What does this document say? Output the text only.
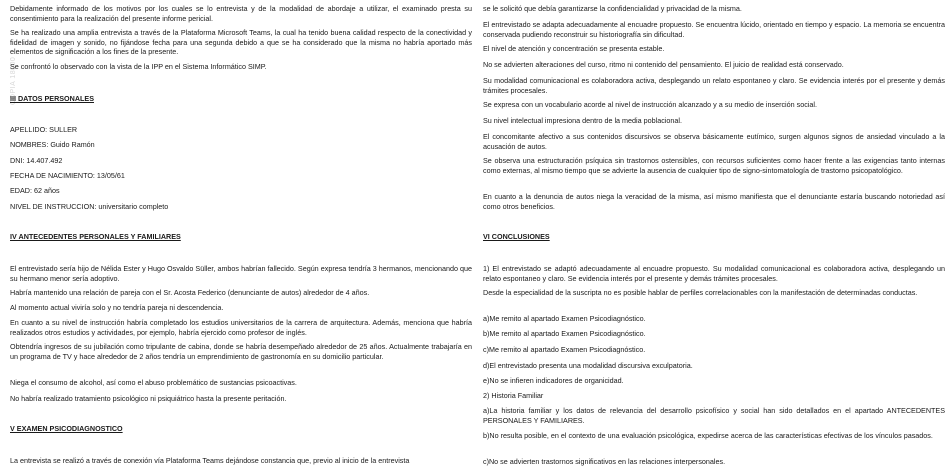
COPIA 18000

Debidamente informado de los motivos por los cuales se lo entrevista y de la modalidad de abordaje a utilizar, el examinado presta su consentimiento para la realización del presente informe pericial.

Se ha realizado una amplia entrevista a través de la Plataforma Microsoft Teams, la cual ha tenido buena calidad respecto de la conectividad y fidelidad de imagen y sonido, no fijándose fecha para una segunda debido a que se ha considerado que la misma no habría aportado más elementos de significación a los fines de la presente.

Se confrontó lo observado con la vista de la IPP en el Sistema Informático SIMP.

III DATOS PERSONALES

APELLIDO: SULLER

NOMBRES: Guido Ramón

DNI: 14.407.492

FECHA DE NACIMIENTO: 13/05/61

EDAD: 62 años

NIVEL DE INSTRUCCION: universitario completo

IV ANTECEDENTES PERSONALES Y FAMILIARES

El entrevistado sería hijo de Nélida Ester y Hugo Osvaldo Süller, ambos habrían fallecido. Según expresa tendría 3 hermanos, mencionando que su hermano menor sería adoptivo.

Habría mantenido una relación de pareja con el Sr. Acosta Federico (denunciante de autos) alrededor de 4 años.

Al momento actual viviría solo y no tendría pareja ni descendencia.

En cuanto a su nivel de instrucción habría completado los estudios universitarios de la carrera de arquitectura. Además, menciona que habría realizados otros estudios y actividades, por ejemplo, habría ejercido como profesor de inglés.

Obtendría ingresos de su jubilación como tripulante de cabina, donde se habría desempeñado alrededor de 25 años. Actualmente trabajaría en un programa de TV y hace alrededor de 2 años tendría un emprendimiento de gastronomía en su domicilio particular.

Niega el consumo de alcohol, así como el abuso problemático de sustancias psicoactivas.

No habría realizado tratamiento psicológico ni psiquiátrico hasta la presente peritación.

V EXAMEN PSICODIAGNOSTICO

La entrevista se realizó a través de conexión vía Plataforma Teams dejándose constancia que, previo al inicio de la entrevista

se le solicitó que debía garantizarse la confidencialidad y privacidad de la misma.

El entrevistado se adapta adecuadamente al encuadre propuesto. Se encuentra lúcido, orientado en tiempo y espacio. La memoria se encuentra conservada pudiendo reconstruir su historiografía sin dificultad.

El nivel de atención y concentración se presenta estable.

No se advierten alteraciones del curso, ritmo ni contenido del pensamiento. El juicio de realidad está conservado.

Su modalidad comunicacional es colaboradora activa, desplegando un relato espontaneo y claro. Se evidencia interés por el presente y demás trámites procesales.

Se expresa con un vocabulario acorde al nivel de instrucción alcanzado y a su medio de inserción social.

Su nivel intelectual impresiona dentro de la media poblacional.

El concomitante afectivo a sus contenidos discursivos se observa básicamente eutímico, surgen algunos signos de ansiedad vinculado a la acusación de autos.

Se observa una estructuración psíquica sin trastornos ostensibles, con recursos suficientes como hacer frente a las exigencias tanto internas como externas, al mismo tiempo que se advierte la ausencia de cualquier tipo de signo-sintomatología de trastorno psicopatológico.

En cuanto a la denuncia de autos niega la veracidad de la misma, así mismo manifiesta que el denunciante estaría buscando notoriedad así como otros beneficios.

VI CONCLUSIONES

1) El entrevistado se adaptó adecuadamente al encuadre propuesto. Su modalidad comunicacional es colaboradora activa, desplegando un relato espontaneo y claro. Se evidencia interés por el presente y demás trámites procesales.

Desde la especialidad de la suscripta no es posible hablar de perfiles correlacionables con la manifestación de determinadas conductas.

a)Me remito al apartado Examen Psicodiagnóstico.

b)Me remito al apartado Examen Psicodiagnóstico.

c)Me remito al apartado Examen Psicodiagnóstico.

d)El entrevistado presenta una modalidad discursiva exculpatoria.

e)No se infieren indicadores de organicidad.

2) Historia Familiar

a)La historia familiar y los datos de relevancia del desarrollo psicofísico y social han sido detallados en el apartado ANTECEDENTES PERSONALES Y FAMILIARES.

b)No resulta posible, en el contexto de una evaluación psicológica, expedirse acerca de las características efectivas de los vínculos pasados.

c)No se advierten trastornos significativos en las relaciones interpersonales.
